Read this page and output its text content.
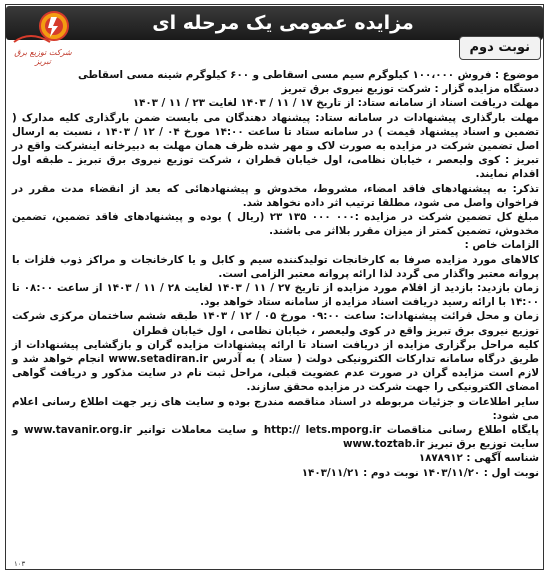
مزایده عمومی یک مرحله ای
شرکت توزیع برق تبریز
نوبت دوم

موضوع : فروش ۱۰۰،۰۰۰ کیلوگرم سیم مسی اسقاطی و ۶۰۰ کیلوگرم شینه مسی اسقاطی

دستگاه مزایده گزار : شرکت توزیع نیروی برق تبریز

مهلت دریافت اسناد از سامانه ستاد: از تاریخ ۱۷ / ۱۱ / ۱۴۰۳ لغایت ۲۳ / ۱۱ / ۱۴۰۳

مهلت بارگذاری پیشنهادات در سامانه ستاد: پیشنهاد دهندگان می بایست ضمن بارگذاری کلیه مدارک ( تضمین و اسناد پیشنهاد قیمت ) در سامانه ستاد تا ساعت ۱۴:۰۰ مورخ ۰۴ / ۱۲ / ۱۴۰۳ ، نسبت به ارسال اصل تضمین شرکت در مزایده به صورت لاک و مهر شده ظرف همان مهلت به دبیرخانه اینشرکت واقع در تبریز : کوی ولیعصر ، خیابان نظامی، اول خیابان قطران ، شرکت توزیع نیروی برق تبریز ـ طبقه اول اقدام نمایند.

تذکر: به پیشنهادهای فاقد امضاء، مشروط، مخدوش و پیشنهادهائی که بعد از انقضاء مدت مقرر در فراخوان واصل می شود، مطلقا ترتیب اثر داده نخواهد شد.

مبلغ کل تضمین شرکت در مزایده :۰۰۰ ۰۰۰ ۱۳۵ ۲۳ (ریال ) بوده و پیشنهادهای فاقد تضمین، تضمین مخدوش، تضمین کمتر از میزان مقرر بلااثر می باشند.

الزامات خاص :

کالاهای مورد مزایده صرفا به کارخانجات تولیدکننده سیم و کابل و یا کارخانجات و مراکز ذوب فلزات با پروانه معتبر واگذار می گردد لذا ارائه پروانه معتبر الزامی است.

زمان بازدید: بازدید از اقلام مورد مزایده از تاریخ ۲۷ / ۱۱ / ۱۴۰۳ لغایت ۲۸ / ۱۱ / ۱۴۰۳ از ساعت ۰۸:۰۰ تا ۱۴:۰۰ با ارائه رسید دریافت اسناد مزایده از سامانه ستاد خواهد بود.

زمان و محل قرائت پیشنهادات: ساعت ۰۹:۰۰ مورخ ۰۵ / ۱۲ / ۱۴۰۳ طبقه ششم ساختمان مرکزی شرکت توزیع نیروی برق تبریز واقع در کوی ولیعصر ، خیابان نظامی ، اول خیابان قطران

کلیه مراحل برگزاری مزایده از دریافت اسناد تا ارائه پیشنهادات مزایده گران و بازگشایی پیشنهادات از طریق درگاه سامانه تدارکات الکترونیکی دولت ( ستاد ) به آدرس www.setadiran.ir انجام خواهد شد و لازم است مزایده گران در صورت عدم عضویت قبلی، مراحل ثبت نام در سایت مذکور و دریافت گواهی امضای الکترونیکی را جهت شرکت در مزایده محقق سازند.

سایر اطلاعات و جزئیات مربوطه در اسناد مناقصه مندرج بوده و سایت های زیر جهت اطلاع رسانی اعلام می شود:

پایگاه اطلاع رسانی مناقصات http:// lets.mporg.ir و سایت معاملات توانیر www.tavanir.org.ir و سایت توزیع برق تبریز www.toztab.ir

شناسه آگهی : ۱۸۷۸۹۱۲

نوبت اول : ۱۴۰۳/۱۱/۲۰ نوبت دوم : ۱۴۰۳/۱۱/۲۱

۱۰۳
